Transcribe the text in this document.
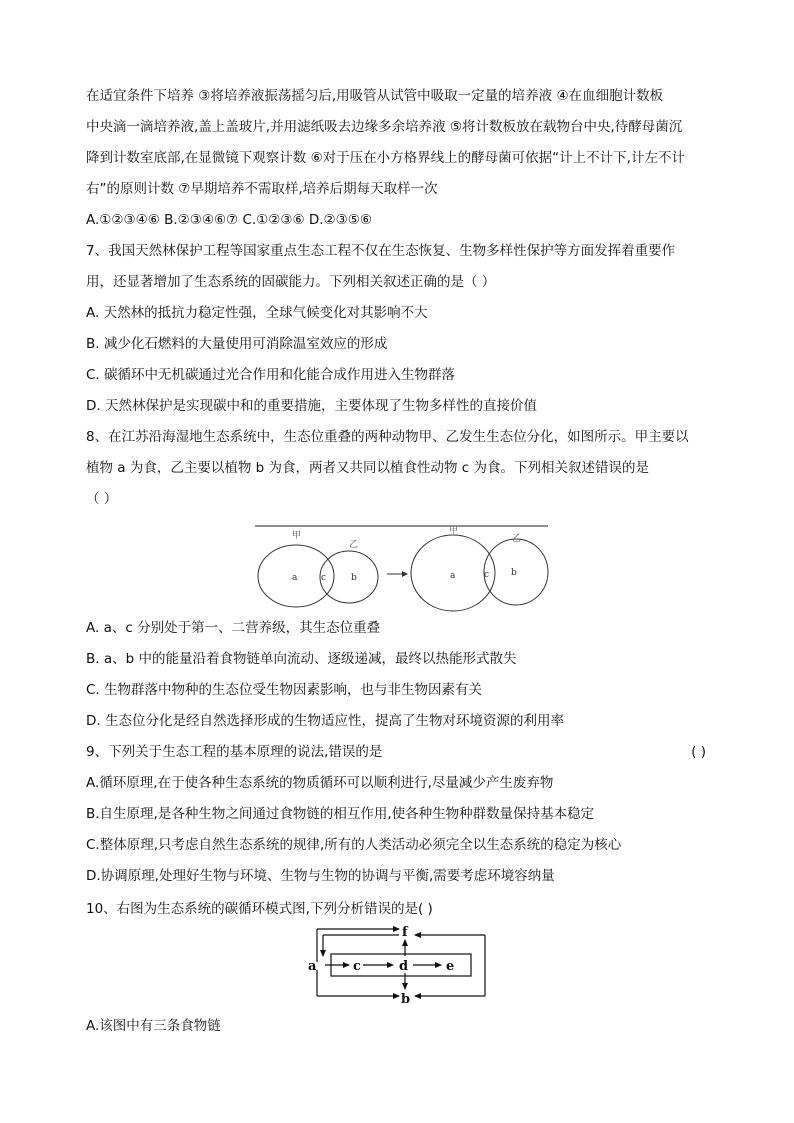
在适宜条件下培养 ③将培养液振荡摇匀后,用吸管从试管中吸取一定量的培养液 ④在血细胞计数板
中央滴一滴培养液,盖上盖玻片,并用滤纸吸去边缘多余培养液 ⑤将计数板放在载物台中央,待酵母菌沉
降到计数室底部,在显微镜下观察计数 ⑥对于压在小方格界线上的酵母菌可依据“计上不计下,计左不计
右”的原则计数 ⑦早期培养不需取样,培养后期每天取样一次
A.①②③④⑥ B.②③④⑥⑦ C.①②③⑥ D.②③⑤⑥
7、我国天然林保护工程等国家重点生态工程不仅在生态恢复、生物多样性保护等方面发挥着重要作
用，还显著增加了生态系统的固碳能力。下列相关叙述正确的是（ ）
A. 天然林的抵抗力稳定性强，全球气候变化对其影响不大
B. 减少化石燃料的大量使用可消除温室效应的形成
C. 碳循环中无机碳通过光合作用和化能合成作用进入生物群落
D. 天然林保护是实现碳中和的重要措施，主要体现了生物多样性的直接价值
8、在江苏沿海湿地生态系统中，生态位重叠的两种动物甲、乙发生生态位分化，如图所示。甲主要以
植物 a 为食，乙主要以植物 b 为食，两者又共同以植食性动物 c 为食。下列相关叙述错误的是
（ ）
甲
乙
a	c	b
甲
乙
a	c b
A. a、c 分别处于第一、二营养级，其生态位重叠
B. a、b 中的能量沿着食物链单向流动、逐级递减，最终以热能形式散失
C. 生物群落中物种的生态位受生物因素影响，也与非生物因素有关
D. 生态位分化是经自然选择形成的生物适应性，提高了生物对环境资源的利用率
9、下列关于生态工程的基本原理的说法,错误的是	( )
A.循环原理,在于使各种生态系统的物质循环可以顺利进行,尽量减少产生废弃物
B.自生原理,是各种生物之间通过食物链的相互作用,使各种生物种群数量保持基本稳定
C.整体原理,只考虑自然生态系统的规律,所有的人类活动必须完全以生态系统的稳定为核心
D.协调原理,处理好生物与环境、生物与生物的协调与平衡,需要考虑环境容纳量
10、右图为生态系统的碳循环模式图,下列分析错误的是( )
f
a	c	d	e
b
A.该图中有三条食物链
